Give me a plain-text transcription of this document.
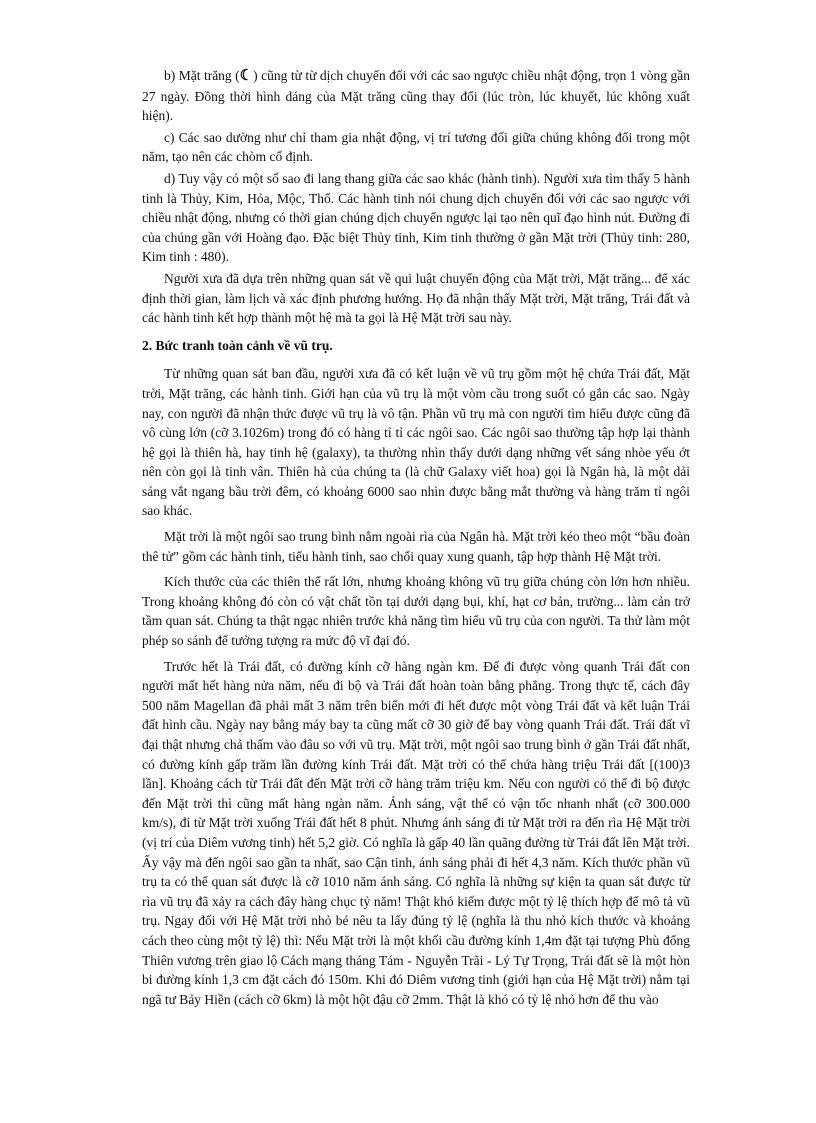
b) Mặt trăng (☾) cũng từ từ dịch chuyển đối với các sao ngược chiều nhật động, trọn 1 vòng gần 27 ngày. Đồng thời hình dáng của Mặt trăng cũng thay đổi (lúc tròn, lúc khuyết, lúc không xuất hiện).

c) Các sao dường như chỉ tham gia nhật động, vị trí tương đối giữa chúng không đổi trong một năm, tạo nên các chòm cố định.

d) Tuy vậy có một số sao đi lang thang giữa các sao khác (hành tinh). Người xưa tìm thấy 5 hành tinh là Thủy, Kim, Hỏa, Mộc, Thổ. Các hành tinh nói chung dịch chuyển đối với các sao ngược với chiều nhật động, nhưng có thời gian chúng dịch chuyển ngược lại tạo nên quĩ đạo hình nút. Đường đi của chúng gần với Hoàng đạo. Đặc biệt Thủy tinh, Kim tinh thường ở gần Mặt trời (Thủy tinh: 280, Kim tinh : 480).

Người xưa đã dựa trên những quan sát về qui luật chuyển động của Mặt trời, Mặt trăng... để xác định thời gian, làm lịch và xác định phương hướng. Họ đã nhận thấy Mặt trời, Mặt trăng, Trái đất và các hành tinh kết hợp thành một hệ mà ta gọi là Hệ Mặt trời sau này.

2. Bức tranh toàn cảnh về vũ trụ.

Từ những quan sát ban đầu, người xưa đã có kết luận về vũ trụ gồm một hệ chứa Trái đất, Mặt trời, Mặt trăng, các hành tinh. Giới hạn của vũ trụ là một vòm cầu trong suốt có gắn các sao. Ngày nay, con người đã nhận thức được vũ trụ là vô tận. Phần vũ trụ mà con người tìm hiểu được cũng đã vô cùng lớn (cỡ 3.1026m) trong đó có hàng tỉ tỉ các ngôi sao. Các ngôi sao thường tập hợp lại thành hệ gọi là thiên hà, hay tinh hệ (galaxy), ta thường nhìn thấy dưới dạng những vết sáng nhòe yếu ớt nên còn gọi là tinh vân. Thiên hà của chúng ta (là chữ Galaxy viết hoa) gọi là Ngân hà, là một dải sáng vắt ngang bầu trời đêm, có khoảng 6000 sao nhìn được bằng mắt thường và hàng trăm tỉ ngôi sao khác.

Mặt trời là một ngôi sao trung bình nằm ngoài rìa của Ngân hà. Mặt trời kéo theo một “bầu đoàn thê tử” gồm các hành tinh, tiểu hành tinh, sao chổi quay xung quanh, tập hợp thành Hệ Mặt trời.

Kích thước của các thiên thể rất lớn, nhưng khoảng không vũ trụ giữa chúng còn lớn hơn nhiều. Trong khoảng không đó còn có vật chất tồn tại dưới dạng bụi, khí, hạt cơ bản, trường... làm cản trở tầm quan sát. Chúng ta thật ngạc nhiên trước khả năng tìm hiểu vũ trụ của con người. Ta thử làm một phép so sánh để tưởng tượng ra mức độ vĩ đại đó.

Trước hết là Trái đất, có đường kính cỡ hàng ngàn km. Để đi được vòng quanh Trái đất con người mất hết hàng nửa năm, nếu đi bộ và Trái đất hoàn toàn bằng phẳng. Trong thực tế, cách đây 500 năm Magellan đã phải mất 3 năm trên biển mới đi hết được một vòng Trái đất và kết luận Trái đất hình cầu. Ngày nay bằng máy bay ta cũng mất cỡ 30 giờ để bay vòng quanh Trái đất. Trái đất vĩ đại thật nhưng chả thấm vào đâu so với vũ trụ. Mặt trời, một ngôi sao trung bình ở gần Trái đất nhất, có đường kính gấp trăm lần đường kính Trái đất. Mặt trời có thể chứa hàng triệu Trái đất [(100)3 lần]. Khoảng cách từ Trái đất đến Mặt trời cỡ hàng trăm triệu km. Nếu con người có thể đi bộ được đến Mặt trời thì cũng mất hàng ngàn năm. Ánh sáng, vật thể có vận tốc nhanh nhất (cỡ 300.000 km/s), đi từ Mặt trời xuống Trái đất hết 8 phút. Nhưng ánh sáng đi từ Mặt trời ra đến rìa Hệ Mặt trời (vị trí của Diêm vương tinh) hết 5,2 giờ. Có nghĩa là gấp 40 lần quãng đường từ Trái đất lên Mặt trời. Ấy vậy mà đến ngôi sao gần ta nhất, sao Cận tinh, ánh sáng phải đi hết 4,3 năm. Kích thước phần vũ trụ ta có thể quan sát được là cỡ 1010 năm ánh sáng. Có nghĩa là những sự kiện ta quan sát được từ rìa vũ trụ đã xảy ra cách đây hàng chục tỷ năm! Thật khó kiếm được một tỷ lệ thích hợp để mô tả vũ trụ. Ngay đối với Hệ Mặt trời nhỏ bé nêu ta lấy đúng tỷ lệ (nghĩa là thu nhỏ kích thước và khoảng cách theo cùng một tỷ lệ) thì: Nếu Mặt trời là một khối cầu đường kính 1,4m đặt tại tượng Phù đổng Thiên vương trên giao lộ Cách mạng tháng Tám - Nguyễn Trãi - Lý Tự Trọng, Trái đất sẽ là một hòn bi đường kính 1,3 cm đặt cách đó 150m. Khi đó Diêm vương tinh (giới hạn của Hệ Mặt trời) nằm tại ngã tư Bảy Hiền (cách cỡ 6km) là một hột đậu cỡ 2mm. Thật là khó có tỷ lệ nhỏ hơn để thu vào
